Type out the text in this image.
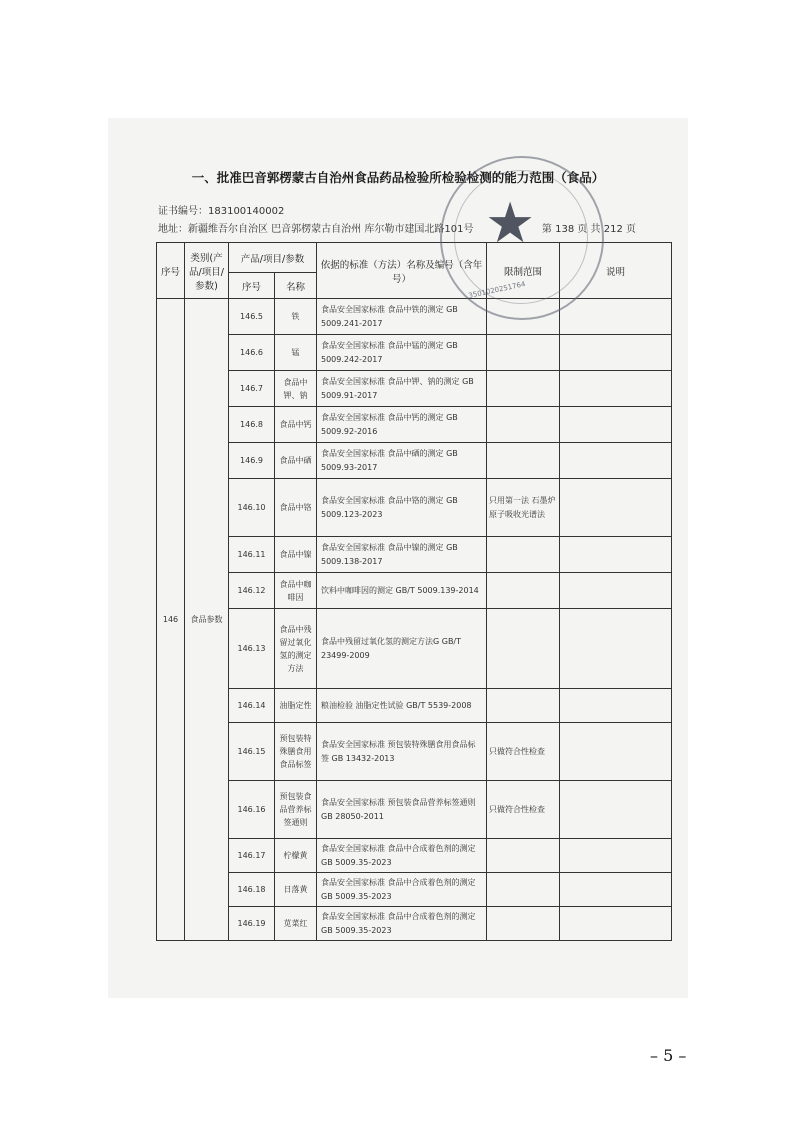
一、批准巴音郭楞蒙古自治州食品药品检验所检验检测的能力范围（食品）
证书编号：183100140002
地址：新疆维吾尔自治区 巴音郭楞蒙古自治州 库尔勒市建国北路101号	第 138 页 共 212 页
序号	类别(产品/项目/参数)	产品/项目/参数		依据的标准（方法）名称及编号（含年号）	限制范围	说明
		序号	名称			
146	食品参数	146.5	铁	食品安全国家标准 食品中铁的测定 GB 5009.241-2017		
		146.6	锰	食品安全国家标准 食品中锰的测定 GB 5009.242-2017		
		146.7	食品中钾、钠	食品安全国家标准 食品中钾、钠的测定 GB 5009.91-2017		
		146.8	食品中钙	食品安全国家标准 食品中钙的测定 GB 5009.92-2016		
		146.9	食品中硒	食品安全国家标准 食品中硒的测定 GB 5009.93-2017		
		146.10	食品中铬	食品安全国家标准 食品中铬的测定 GB 5009.123-2023	只用第一法 石墨炉原子吸收光谱法	
		146.11	食品中镍	食品安全国家标准 食品中镍的测定 GB 5009.138-2017		
		146.12	食品中咖啡因	饮料中咖啡因的测定 GB/T 5009.139-2014		
		146.13	食品中残留过氧化氢的测定方法	食品中残留过氧化氢的测定方法G GB/T 23499-2009		
		146.14	油脂定性	粮油检验 油脂定性试验 GB/T 5539-2008		
		146.15	预包装特殊膳食用食品标签	食品安全国家标准 预包装特殊膳食用食品标签 GB 13432-2013	只做符合性检查	
		146.16	预包装食品营养标签通则	食品安全国家标准 预包装食品营养标签通则 GB 28050-2011	只做符合性检查	
		146.17	柠檬黄	食品安全国家标准 食品中合成着色剂的测定 GB 5009.35-2023		
		146.18	日落黄	食品安全国家标准 食品中合成着色剂的测定 GB 5009.35-2023		
		146.19	苋菜红	食品安全国家标准 食品中合成着色剂的测定 GB 5009.35-2023		
★
3501020251764
– 5 –
